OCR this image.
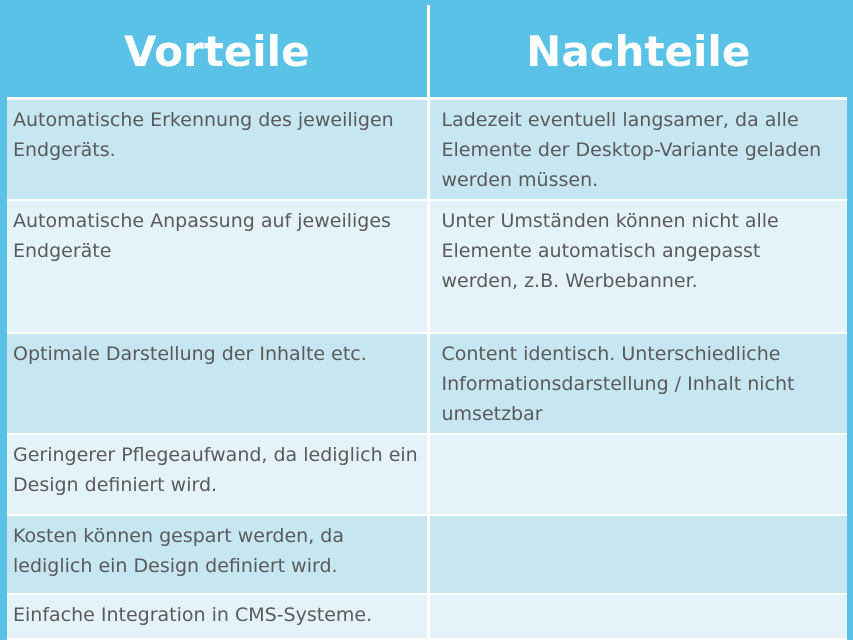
Vorteile	Nachteile
Automatische Erkennung des jeweiligen Endgeräts.	Ladezeit eventuell langsamer, da alle Elemente der Desktop-Variante geladen werden müssen.
Automatische Anpassung auf jeweiliges Endgeräte	Unter Umständen können nicht alle Elemente automatisch angepasst werden, z.B. Werbebanner.
Optimale Darstellung der Inhalte etc.	Content identisch. Unterschiedliche Informationsdarstellung / Inhalt nicht umsetzbar
Geringerer Pflegeaufwand, da lediglich ein Design definiert wird.	
Kosten können gespart werden, da lediglich ein Design definiert wird.	
Einfache Integration in CMS-Systeme.	
